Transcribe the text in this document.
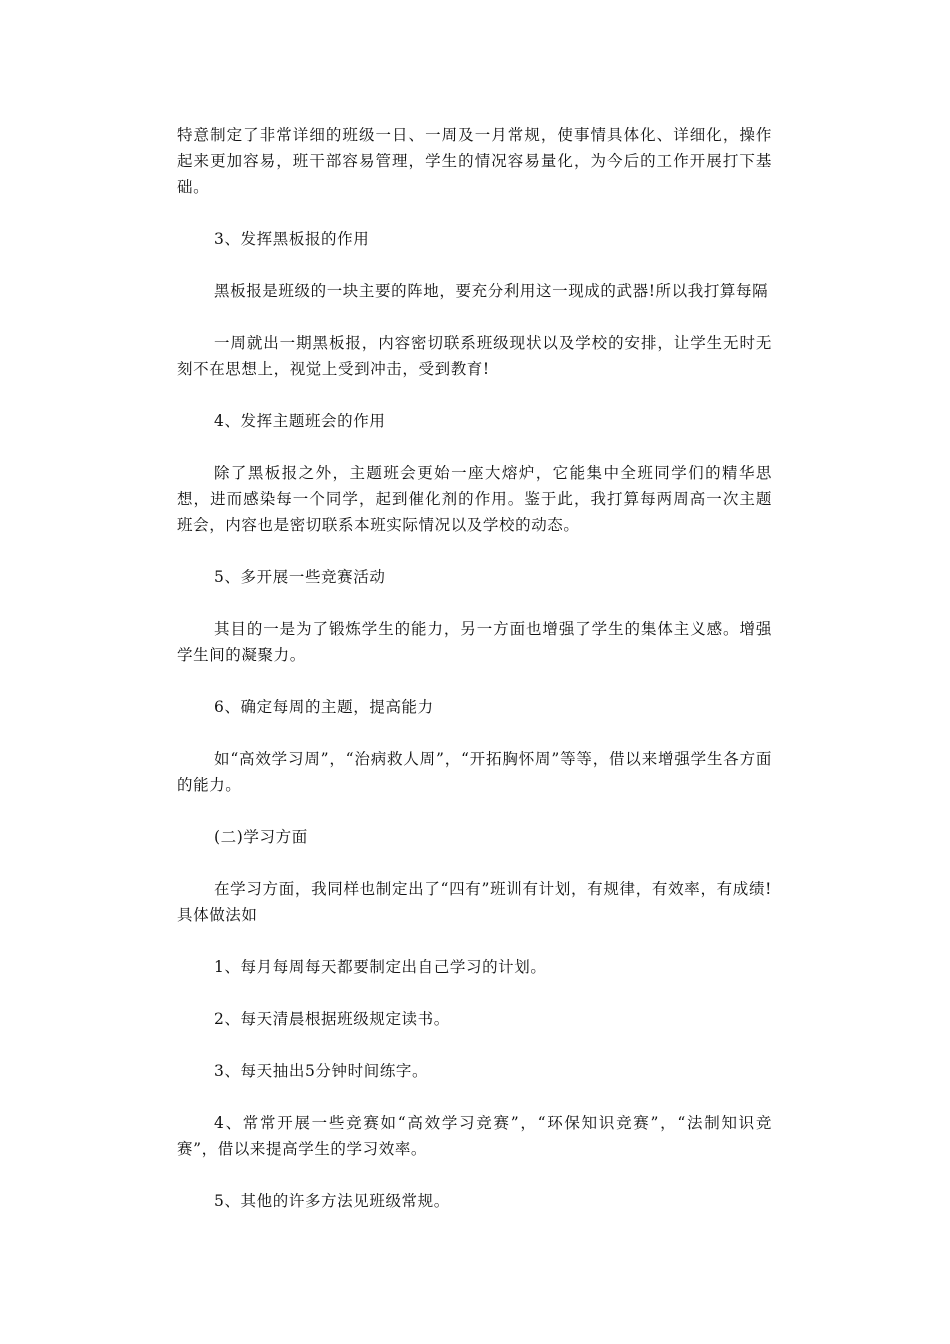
特意制定了非常详细的班级一日、一周及一月常规，使事情具体化、详细化，操作起来更加容易，班干部容易管理，学生的情况容易量化，为今后的工作开展打下基础。

3、发挥黑板报的作用

黑板报是班级的一块主要的阵地，要充分利用这一现成的武器!所以我打算每隔

一周就出一期黑板报，内容密切联系班级现状以及学校的安排，让学生无时无刻不在思想上，视觉上受到冲击，受到教育!

4、发挥主题班会的作用

除了黑板报之外，主题班会更始一座大熔炉，它能集中全班同学们的精华思想，进而感染每一个同学，起到催化剂的作用。鉴于此，我打算每两周高一次主题班会，内容也是密切联系本班实际情况以及学校的动态。

5、多开展一些竞赛活动

其目的一是为了锻炼学生的能力，另一方面也增强了学生的集体主义感。增强学生间的凝聚力。

6、确定每周的主题，提高能力

如“高效学习周”，“治病救人周”，“开拓胸怀周”等等，借以来增强学生各方面的能力。

(二)学习方面

在学习方面，我同样也制定出了“四有”班训有计划，有规律，有效率，有成绩!具体做法如

1、每月每周每天都要制定出自己学习的计划。

2、每天清晨根据班级规定读书。

3、每天抽出5分钟时间练字。

4、常常开展一些竞赛如“高效学习竞赛”，“环保知识竞赛”，“法制知识竞赛”，借以来提高学生的学习效率。

5、其他的许多方法见班级常规。
